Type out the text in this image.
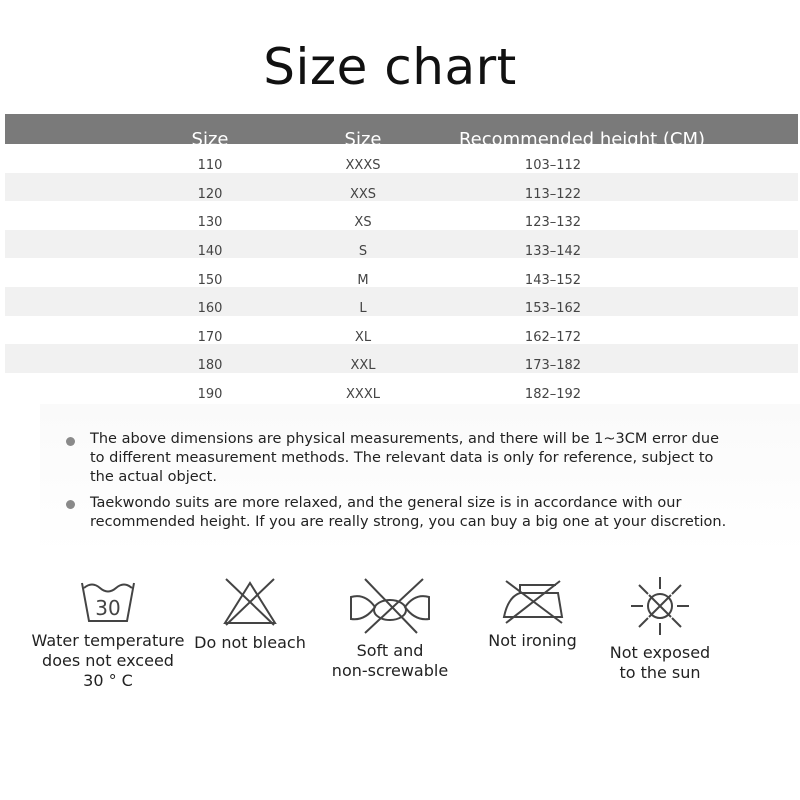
Size chart
Size	Size	Recommended height (CM)
110	XXXS	103–112
120	XXS	113–122
130	XS	123–132
140	S	133–142
150	M	143–152
160	L	153–162
170	XL	162–172
180	XXL	173–182
190	XXXL	182–192
The above dimensions are physical measurements, and there will be 1~3CM error due to different measurement methods. The relevant data is only for reference, subject to the actual object.
Taekwondo suits are more relaxed, and the general size is in accordance with our recommended height. If you are really strong, you can buy a big one at your discretion.
30
Water temperature
does not exceed
30 ° C
Do not bleach	Soft and
non-screwable
Not ironing
Not exposed
to the sun
